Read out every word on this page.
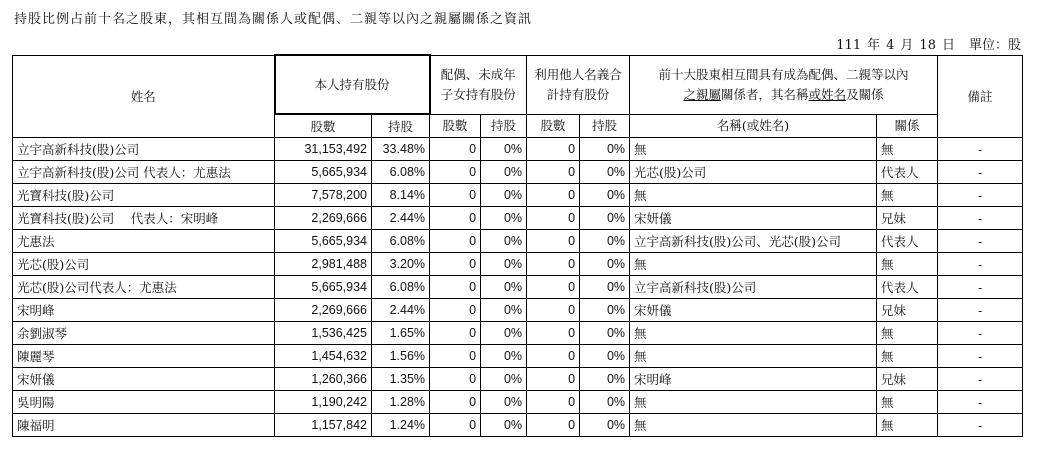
持股比例占前十名之股東，其相互間為關係人或配偶、二親等以內之親屬關係之資訊
111 年 4 月 18 日 單位：股
姓名	本人持有股份		配偶、未成年
子女持有股份		利用他人名義合
計持有股份		前十大股東相互間具有成為配偶、二親等以內
之親屬關係者，其名稱或姓名及關係		備註
	股數	持股	股數	持股	股數	持股	名稱(或姓名)	關係	
立宇高新科技(股)公司	31,153,492	33.48%	0	0%	0	0%	無	無	-
立宇高新科技(股)公司 代表人：尤惠法	5,665,934	6.08%	0	0%	0	0%	光芯(股)公司	代表人	-
光寶科技(股)公司	7,578,200	8.14%	0	0%	0	0%	無	無	-
光寶科技(股)公司　 代表人：宋明峰	2,269,666	2.44%	0	0%	0	0%	宋妍儀	兄妹	-
尤惠法	5,665,934	6.08%	0	0%	0	0%	立宇高新科技(股)公司、光芯(股)公司	代表人	-
光芯(股)公司	2,981,488	3.20%	0	0%	0	0%	無	無	-
光芯(股)公司代表人：尤惠法	5,665,934	6.08%	0	0%	0	0%	立宇高新科技(股)公司	代表人	-
宋明峰	2,269,666	2.44%	0	0%	0	0%	宋妍儀	兄妹	-
余劉淑琴	1,536,425	1.65%	0	0%	0	0%	無	無	-
陳麗琴	1,454,632	1.56%	0	0%	0	0%	無	無	-
宋妍儀	1,260,366	1.35%	0	0%	0	0%	宋明峰	兄妹	-
吳明陽	1,190,242	1.28%	0	0%	0	0%	無	無	-
陳福明	1,157,842	1.24%	0	0%	0	0%	無	無	-
